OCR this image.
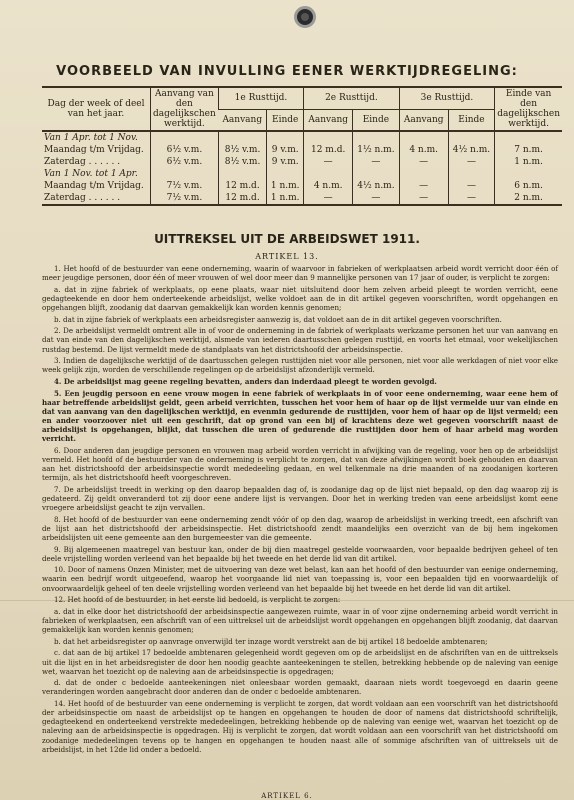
VOORBEELD VAN INVULLING EENER WERKTIJDREGELING:
Dag der week of deel van het jaar.	Aanvang van den dagelijkschen werktijd.	1e Rusttijd.		2e Rusttijd.		3e Rusttijd.		Einde van den dagelijkschen werktijd.
		Aanvang	Einde	Aanvang	Einde	Aanvang	Einde	
Van 1 Apr. tot 1 Nov.								
Maandag t/m Vrijdag.	6½ v.m.	8½ v.m.	9 v.m.	12 m.d.	1½ n.m.	4 n.m.	4½ n.m.	7 n.m.
Zaterdag . . . . . .	6½ v.m.	8½ v.m.	9 v.m.	—	—	—	—	1 n.m.
Van 1 Nov. tot 1 Apr.								
Maandag t/m Vrijdag.	7½ v.m.	12 m.d.	1 n.m.	4 n.m.	4½ n.m.	—	—	6 n.m.
Zaterdag . . . . . .	7½ v.m.	12 m.d.	1 n.m.	—	—	—	—	2 n.m.
UITTREKSEL UIT DE ARBEIDSWET 1911.
ARTIKEL 13.

1. Het hoofd of de bestuurder van eene onderneming, waarin of waarvoor in fabrieken of werkplaatsen arbeid wordt verricht door één of meer jeugdige personen, door één of meer vrouwen of wel door meer dan 9 mannelijke personen van 17 jaar of ouder, is verplicht te zorgen:

a. dat in zijne fabriek of werkplaats, op eene plaats, waar niet uitsluitend door hem zelven arbeid pleegt te worden verricht, eene gedagteekende en door hem onderteekende arbeidslijst, welke voldoet aan de in dit artikel gegeven voorschriften, wordt opgehangen en opgehangen blijft, zoodanig dat daarvan gemakkelijk kan worden kennis genomen;

b. dat in zijne fabriek of werkplaats een arbeidsregister aanwezig is, dat voldoet aan de in dit artikel gegeven voorschriften.

2. De arbeidslijst vermeldt omtrent alle in of voor de onderneming in de fabriek of werkplaats werkzame personen het uur van aanvang en dat van einde van den dagelijkschen werktijd, alsmede van iederen daartusschen gelegen rusttijd, en voorts het etmaal, voor wekelijkschen rustdag bestemd. De lijst vermeldt mede de standplaats van het districtshoofd der arbeidsinspectie.

3. Indien de dagelijksche werktijd of de daartusschen gelegen rusttijden niet voor alle personen, niet voor alle werkdagen of niet voor elke week gelijk zijn, worden de verschillende regelingen op de arbeidslijst afzonderlijk vermeld.

4. De arbeidslijst mag geene regeling bevatten, anders dan inderdaad pleegt te worden gevolgd.

5. Een jeugdig persoon en eene vrouw mogen in eene fabriek of werkplaats in of voor eene onderneming, waar eene hem of haar betreffende arbeidslijst geldt, geen arbeid verrichten, tusschen het voor hem of haar op de lijst vermelde uur van einde en dat van aanvang van den dagelijkschen werktijd, en evenmin gedurende de rusttijden, voor hem of haar op de lijst vermeld; een en ander voorzoover niet uit een geschrift, dat op grond van een bij of krachtens deze wet gegeven voorschrift naast de arbeidslijst is opgehangen, blijkt, dat tusschen die uren of gedurende die rusttijden door hem of haar arbeid mag worden verricht.

6. Door anderen dan jeugdige personen en vrouwen mag arbeid worden verricht in afwijking van de regeling, voor hen op de arbeidslijst vermeld. Het hoofd of de bestuurder van de onderneming is verplicht te zorgen, dat van deze afwijkingen wordt boek gehouden en daarvan aan het districtshoofd der arbeidsinspectie wordt mededeeling gedaan, en wel telkenmale na drie maanden of na zoodanigen korteren termijn, als het districtshoofd heeft voorgeschreven.

7. De arbeidslijst treedt in werking op den daarop bepaalden dag of, is zoodanige dag op de lijst niet bepaald, op den dag waarop zij is gedateerd. Zij geldt onveranderd tot zij door eene andere lijst is vervangen. Door het in werking treden van eene arbeidslijst komt eene vroegere arbeidslijst geacht te zijn vervallen.

8. Het hoofd of de bestuurder van eene onderneming zendt vóór of op den dag, waarop de arbeidslijst in werking treedt, een afschrift van de lijst aan het districtshoofd der arbeidsinspectie. Het districtshoofd zendt maandelijks een overzicht van de bij hem ingekomen arbeidslijsten uit eene gemeente aan den burgemeester van die gemeente.

9. Bij algemeenen maatregel van bestuur kan, onder de bij dien maatregel gestelde voorwaarden, voor bepaalde bedrijven geheel of ten deele vrijstelling worden verleend van het bepaalde bij het tweede en het derde lid van dit artikel.

10. Door of namens Onzen Minister, met de uitvoering van deze wet belast, kan aan het hoofd of den bestuurder van eenige onderneming, waarin een bedrijf wordt uitgeoefend, waarop het voorgaande lid niet van toepassing is, voor een bepaalden tijd en voorwaardelijk of onvoorwaardelijk geheel of ten deele vrijstelling worden verleend van het bepaalde bij het tweede en het derde lid van dit artikel.

12. Het hoofd of de bestuurder, in het eerste lid bedoeld, is verplicht te zorgen:

a. dat in elke door het districtshoofd der arbeidsinspectie aangewezen ruimte, waar in of voor zijne onderneming arbeid wordt verricht in fabrieken of werkplaatsen, een afschrift van of een uittreksel uit de arbeidslijst wordt opgehangen en opgehangen blijft zoodanig, dat daarvan gemakkelijk kan worden kennis genomen;

b. dat het arbeidsregister op aanvrage onverwijld ter inzage wordt verstrekt aan de bij artikel 18 bedoelde ambtenaren;

c. dat aan de bij artikel 17 bedoelde ambtenaren gelegenheid wordt gegeven om op de arbeidslijst en de afschriften van en de uittreksels uit die lijst en in het arbeidsregister de door hen noodig geachte aanteekeningen te stellen, betrekking hebbende op de naleving van eenige wet, waarvan het toezicht op de naleving aan de arbeidsinspectie is opgedragen;

d. dat de onder c bedoelde aanteekeningen niet onleesbaar worden gemaakt, daaraan niets wordt toegevoegd en daarin geene veranderingen worden aangebracht door anderen dan de onder c bedoelde ambtenaren.

14. Het hoofd of de bestuurder van eene onderneming is verplicht te zorgen, dat wordt voldaan aan een voorschrift van het districtshoofd der arbeidsinspectie om naast de arbeidslijst op te hangen en opgehangen te houden de door of namens dat districtshoofd schriftelijk, gedagteekend en onderteekend verstrekte mededeelingen, betrekking hebbende op de naleving van eenige wet, waarvan het toezicht op de naleving aan de arbeidsinspectie is opgedragen. Hij is verplicht te zorgen, dat wordt voldaan aan een voorschrift van het districtshoofd om zoodanige mededeelingen tevens op te hangen en opgehangen te houden naast alle of sommige afschriften van of uittreksels uit de arbeidslijst, in het 12de lid onder a bedoeld.

ARTIKEL 6.
